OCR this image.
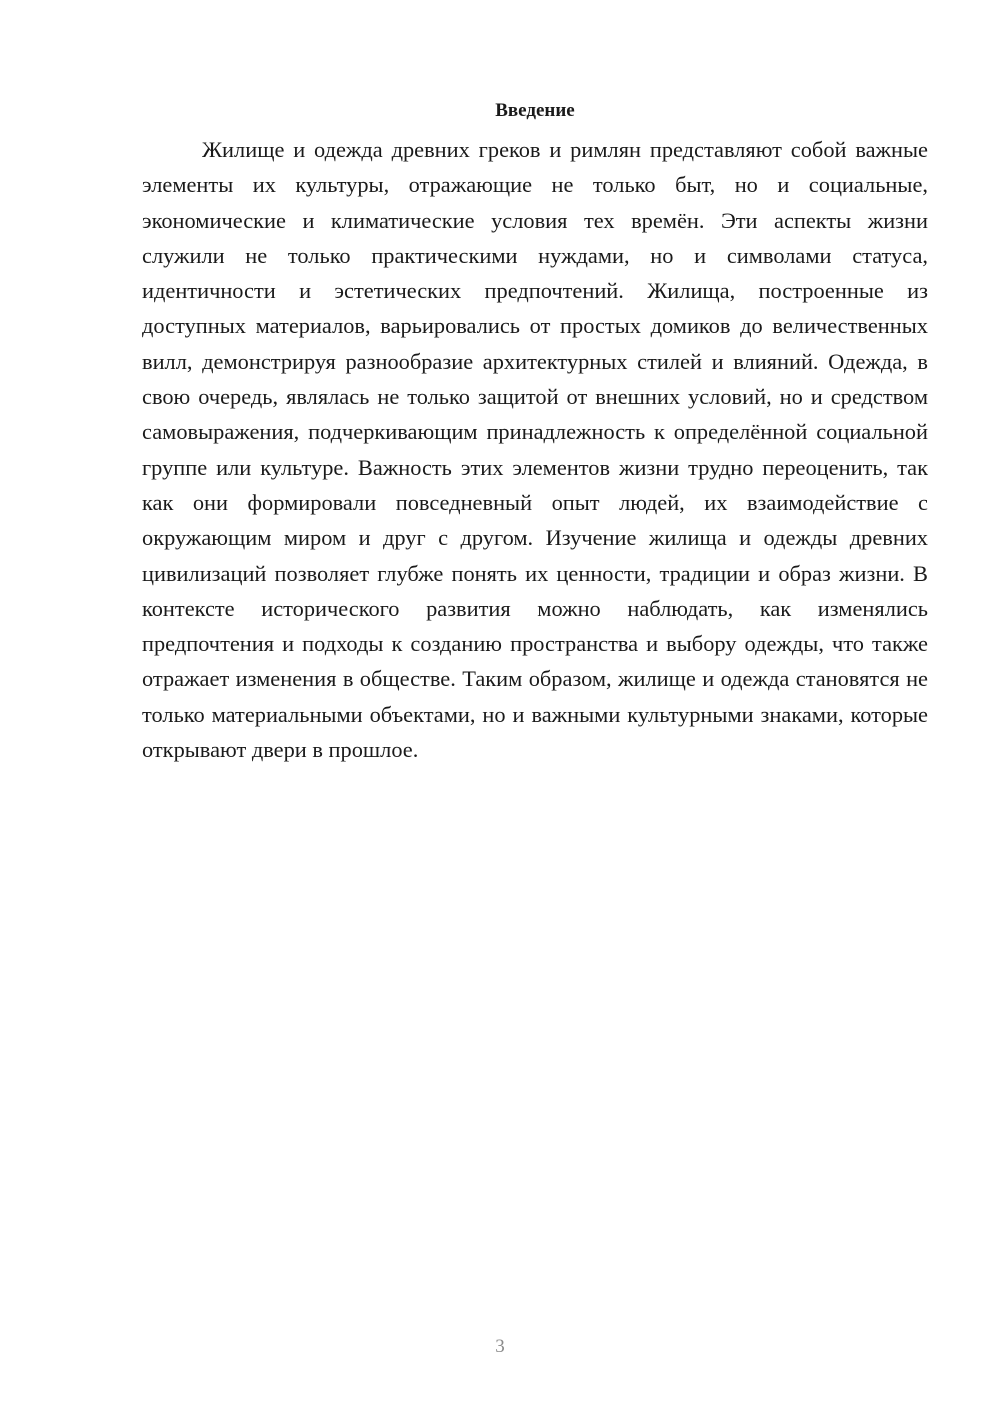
Введение

Жилище и одежда древних греков и римлян представляют собой важные элементы их культуры, отражающие не только быт, но и социальные, экономические и климатические условия тех времён. Эти аспекты жизни служили не только практическими нуждами, но и символами статуса, идентичности и эстетических предпочтений. Жилища, построенные из доступных материалов, варьировались от простых домиков до величественных вилл, демонстрируя разнообразие архитектурных стилей и влияний. Одежда, в свою очередь, являлась не только защитой от внешних условий, но и средством самовыражения, подчеркивающим принадлежность к определённой социальной группе или культуре. Важность этих элементов жизни трудно переоценить, так как они формировали повседневный опыт людей, их взаимодействие с окружающим миром и друг с другом. Изучение жилища и одежды древних цивилизаций позволяет глубже понять их ценности, традиции и образ жизни. В контексте исторического развития можно наблюдать, как изменялись предпочтения и подходы к созданию пространства и выбору одежды, что также отражает изменения в обществе. Таким образом, жилище и одежда становятся не только материальными объектами, но и важными культурными знаками, которые открывают двери в прошлое.

3
